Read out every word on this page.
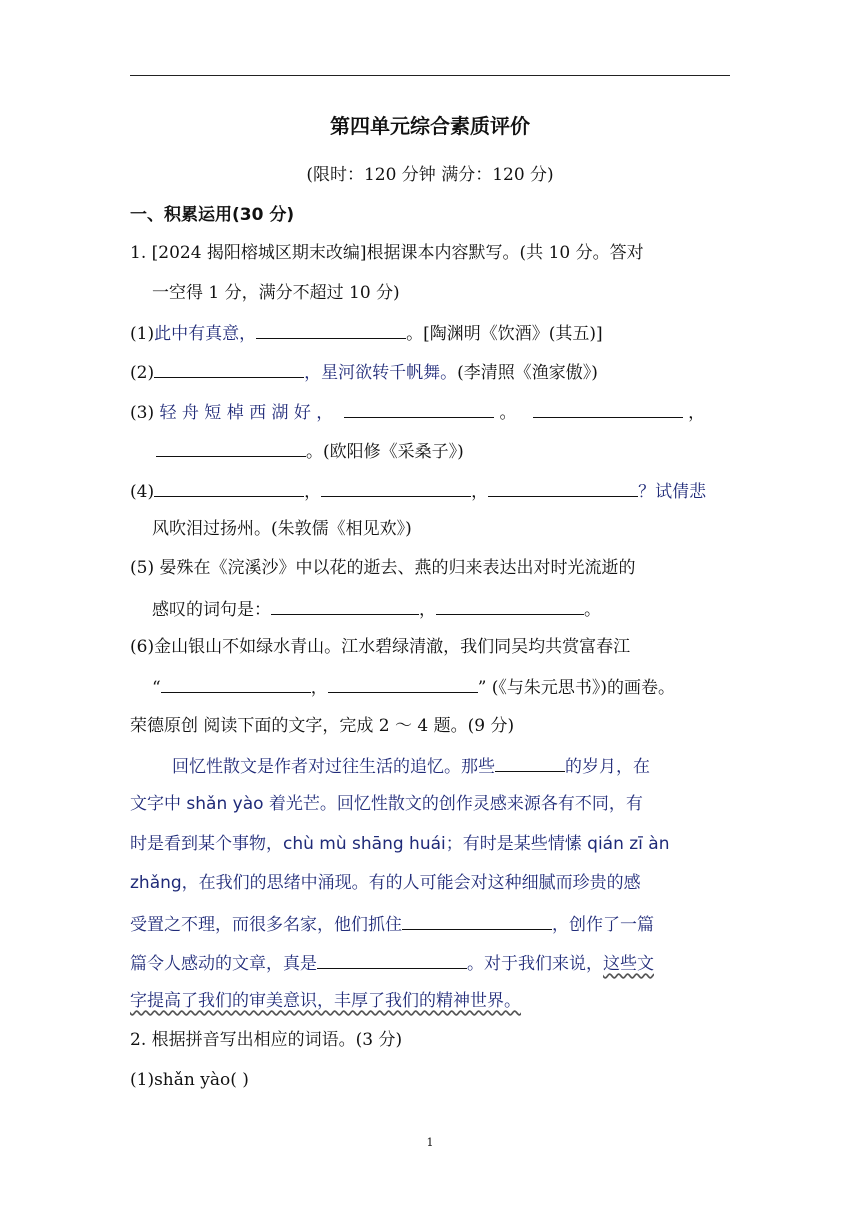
第四单元综合素质评价
(限时：120 分钟 满分：120 分)
一、积累运用(30 分)
1. [2024 揭阳榕城区期末改编]根据课本内容默写。(共 10 分。答对
一空得 1 分，满分不超过 10 分)
(1)此中有真意，	。[陶渊明《饮酒》(其五)]
(2)	，星河欲转千帆舞。(李清照《渔家傲》)
(3) 轻 舟 短 棹 西 湖 好 ，	。	，
。(欧阳修《采桑子》)
(4)	，	，	？试倩悲
风吹泪过扬州。(朱敦儒《相见欢》)
(5) 晏殊在《浣溪沙》中以花的逝去、燕的归来表达出对时光流逝的
感叹的词句是：	，	。
(6)金山银山不如绿水青山。江水碧绿清澈，我们同吴均共赏富春江
“	，	” (《与朱元思书》)的画卷。
荣德原创 阅读下面的文字，完成 2 ～ 4 题。(9 分)
回忆性散文是作者对过往生活的追忆。那些	的岁月，在
文字中 shǎn yào 着光芒。回忆性散文的创作灵感来源各有不同，有
时是看到某个事物，chù mù shāng huái；有时是某些情愫 qián zī àn
zhǎng，在我们的思绪中涌现。有的人可能会对这种细腻而珍贵的感
受置之不理，而很多名家，他们抓住	，创作了一篇
篇令人感动的文章，真是	。对于我们来说，这些文
字提高了我们的审美意识，丰厚了我们的精神世界。
2. 根据拼音写出相应的词语。(3 分)
(1)shǎn yào( )
1
